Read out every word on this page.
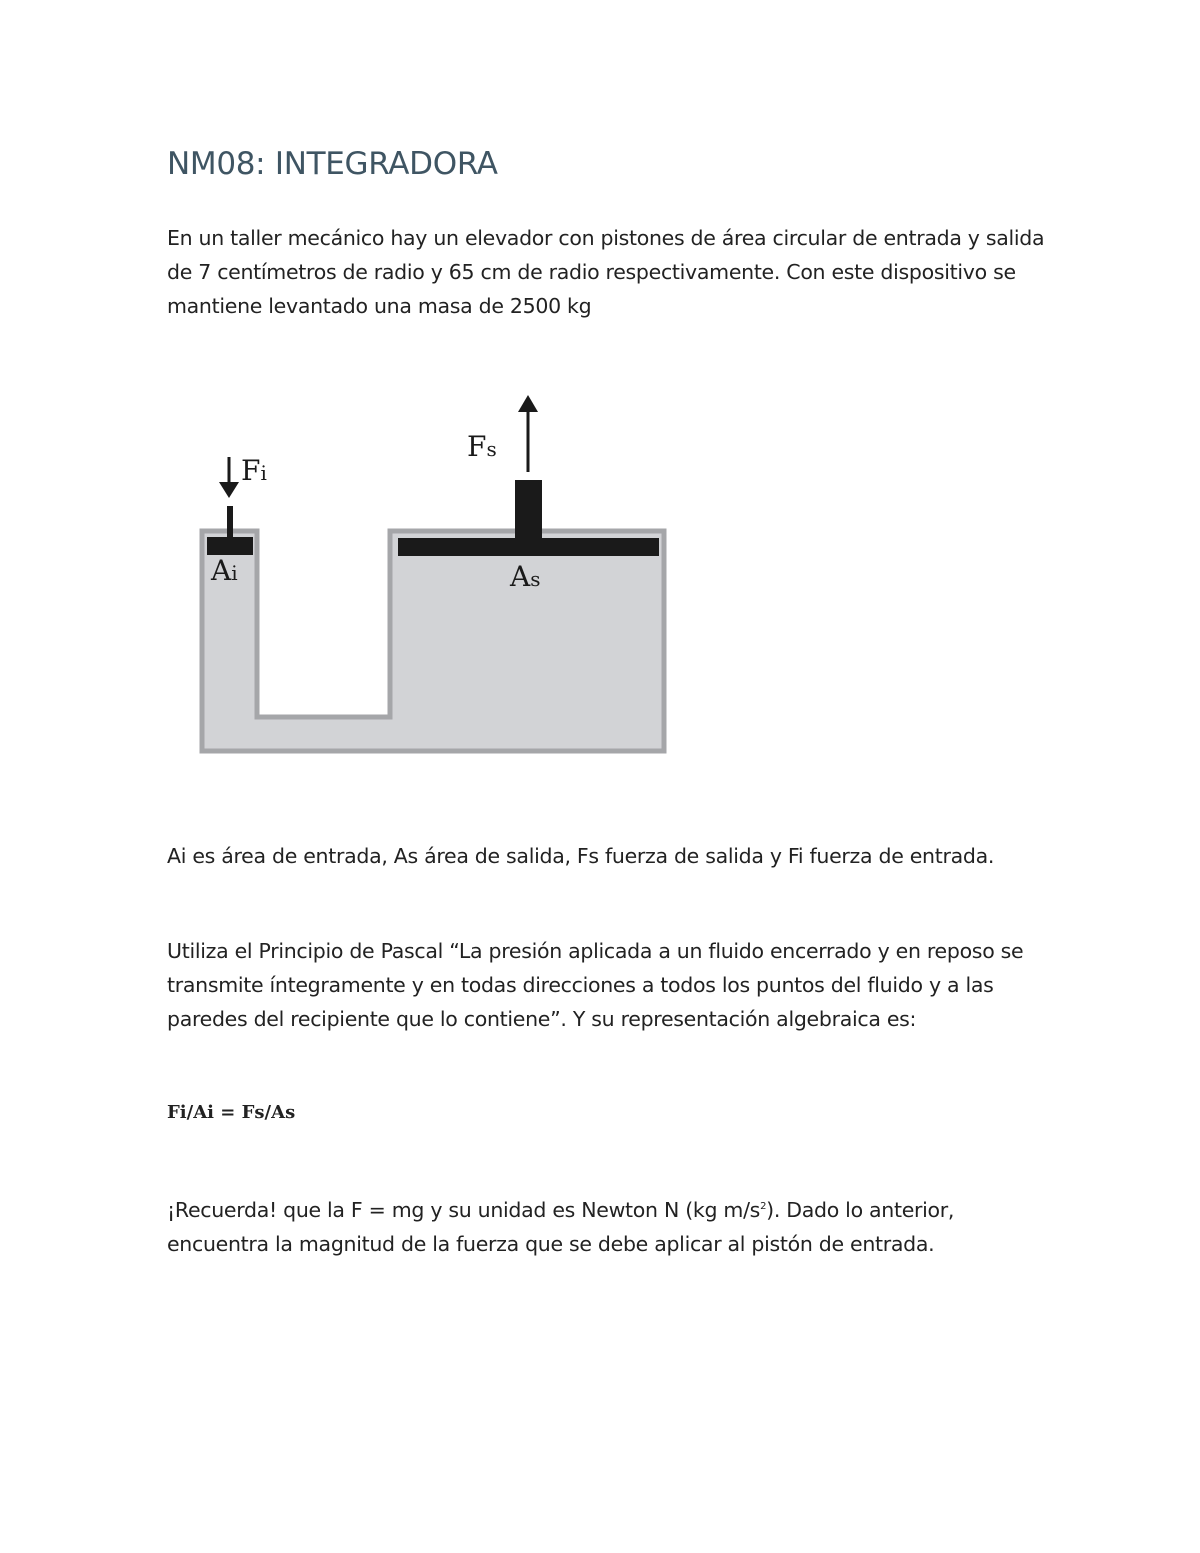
NM08: INTEGRADORA
En un taller mecánico hay un elevador con pistones de área circular de entrada y salida de 7 centímetros de radio y 65 cm de radio respectivamente. Con este dispositivo se mantiene levantado una masa de 2500 kg
Fi
Fs
Ai	As
Ai es área de entrada, As área de salida, Fs fuerza de salida y Fi fuerza de entrada.
Utiliza el Principio de Pascal “La presión aplicada a un fluido encerrado y en reposo se transmite íntegramente y en todas direcciones a todos los puntos del fluido y a las paredes del recipiente que lo contiene”. Y su representación algebraica es:
Fi/Ai = Fs/As
¡Recuerda! que la F = mg y su unidad es Newton N (kg $m/s^2$). Dado lo anterior, encuentra la magnitud de la fuerza que se debe aplicar al pistón de entrada.
